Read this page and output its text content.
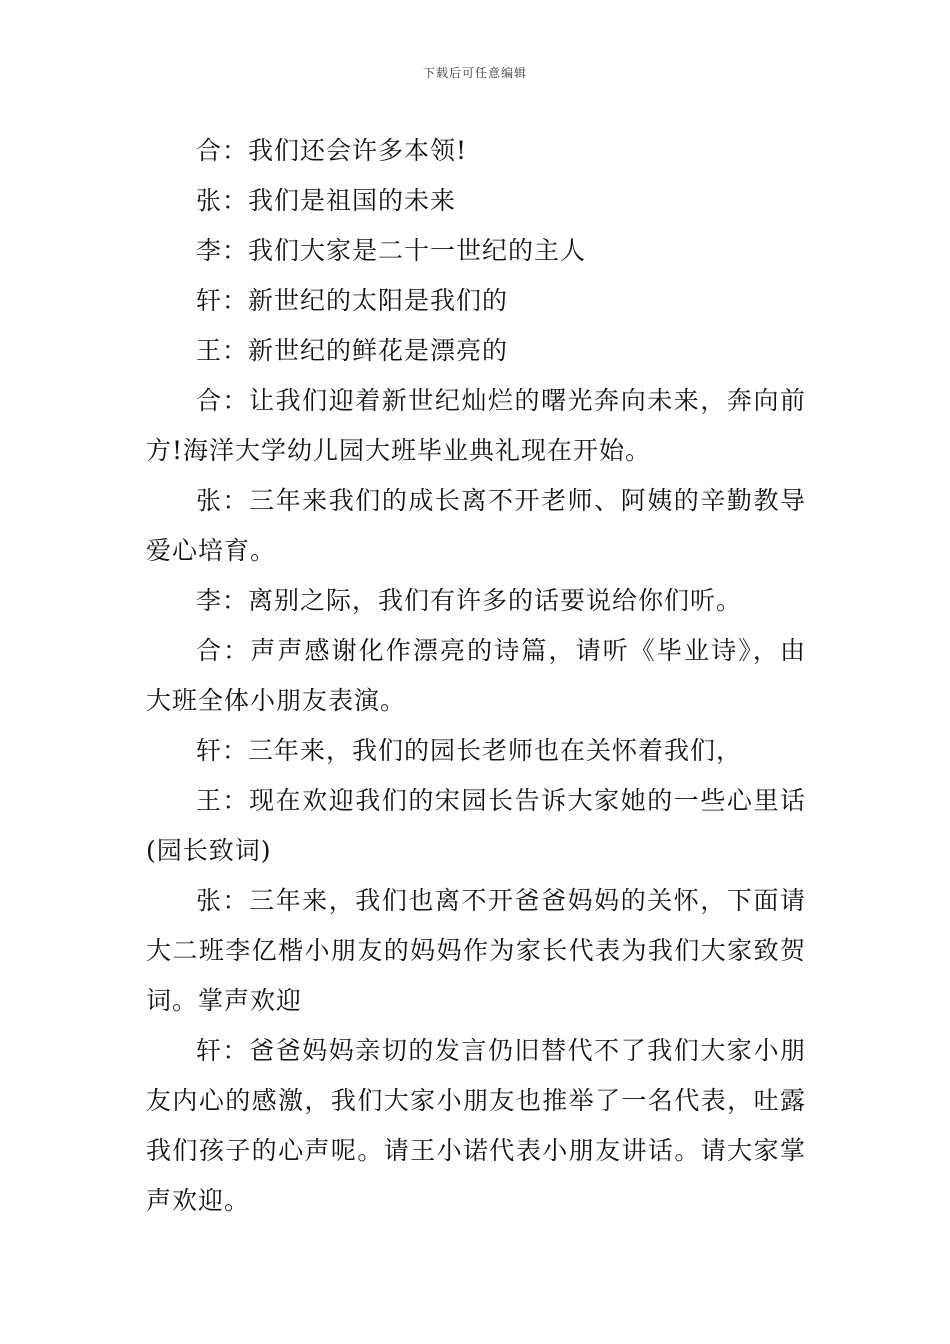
下载后可任意编辑

合：我们还会许多本领!

张：我们是祖国的未来

李：我们大家是二十一世纪的主人

轩：新世纪的太阳是我们的

王：新世纪的鲜花是漂亮的

合：让我们迎着新世纪灿烂的曙光奔向未来，奔向前方!海洋大学幼儿园大班毕业典礼现在开始。

张：三年来我们的成长离不开老师、阿姨的辛勤教导爱心培育。

李：离别之际，我们有许多的话要说给你们听。

合：声声感谢化作漂亮的诗篇，请听《毕业诗》，由大班全体小朋友表演。

轩：三年来，我们的园长老师也在关怀着我们，

王：现在欢迎我们的宋园长告诉大家她的一些心里话(园长致词)

张：三年来，我们也离不开爸爸妈妈的关怀，下面请大二班李亿楷小朋友的妈妈作为家长代表为我们大家致贺词。掌声欢迎

轩：爸爸妈妈亲切的发言仍旧替代不了我们大家小朋友内心的感激，我们大家小朋友也推举了一名代表，吐露我们孩子的心声呢。请王小诺代表小朋友讲话。请大家掌声欢迎。
